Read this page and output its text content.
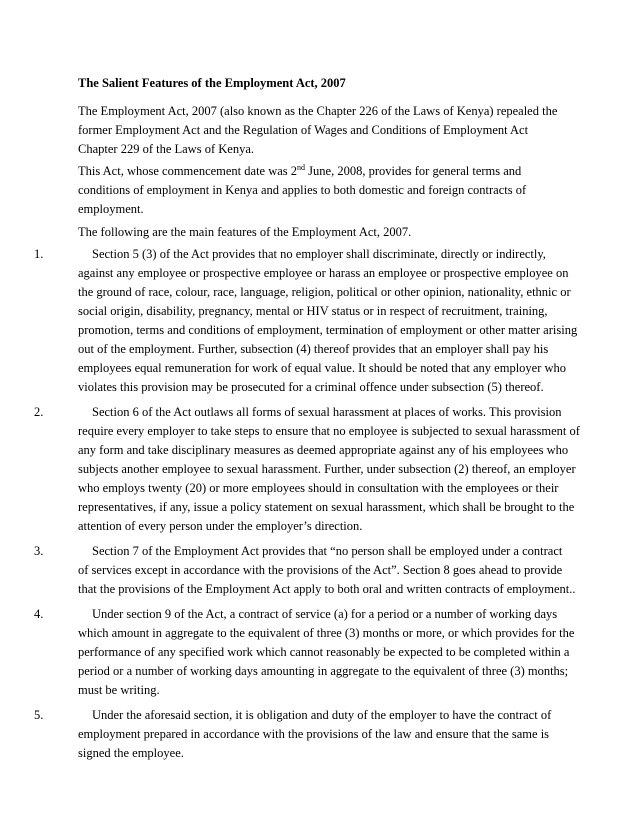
The Salient Features of the Employment Act, 2007
The Employment Act, 2007 (also known as the Chapter 226 of the Laws of Kenya) repealed the
former Employment Act and the Regulation of Wages and Conditions of Employment Act
Chapter 229 of the Laws of Kenya.
This Act, whose commencement date was 2nd June, 2008, provides for general terms and
conditions of employment in Kenya and applies to both domestic and foreign contracts of
employment.
The following are the main features of the Employment Act, 2007.
1.	Section 5 (3) of the Act provides that no employer shall discriminate, directly or indirectly,
against any employee or prospective employee or harass an employee or prospective employee on
the ground of race, colour, race, language, religion, political or other opinion, nationality, ethnic or
social origin, disability, pregnancy, mental or HIV status or in respect of recruitment, training,
promotion, terms and conditions of employment, termination of employment or other matter arising
out of the employment. Further, subsection (4) thereof provides that an employer shall pay his
employees equal remuneration for work of equal value. It should be noted that any employer who
violates this provision may be prosecuted for a criminal offence under subsection (5) thereof.
2.	Section 6 of the Act outlaws all forms of sexual harassment at places of works. This provision
require every employer to take steps to ensure that no employee is subjected to sexual harassment of
any form and take disciplinary measures as deemed appropriate against any of his employees who
subjects another employee to sexual harassment. Further, under subsection (2) thereof, an employer
who employs twenty (20) or more employees should in consultation with the employees or their
representatives, if any, issue a policy statement on sexual harassment, which shall be brought to the
attention of every person under the employer’s direction.
3.	Section 7 of the Employment Act provides that “no person shall be employed under a contract
of services except in accordance with the provisions of the Act”. Section 8 goes ahead to provide
that the provisions of the Employment Act apply to both oral and written contracts of employment..
4.	Under section 9 of the Act, a contract of service (a) for a period or a number of working days
which amount in aggregate to the equivalent of three (3) months or more, or which provides for the
performance of any specified work which cannot reasonably be expected to be completed within a
period or a number of working days amounting in aggregate to the equivalent of three (3) months;
must be writing.
5.	Under the aforesaid section, it is obligation and duty of the employer to have the contract of
employment prepared in accordance with the provisions of the law and ensure that the same is
signed the employee.
